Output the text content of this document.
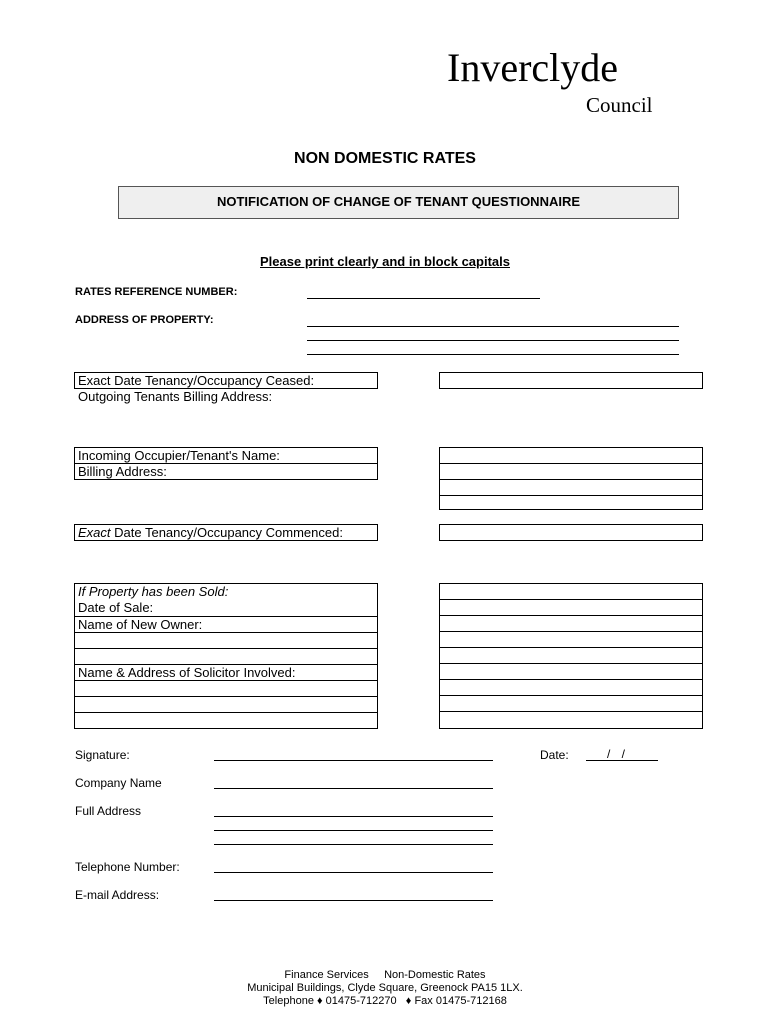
Inverclyde
Council
NON DOMESTIC RATES
NOTIFICATION OF CHANGE OF TENANT QUESTIONNAIRE
Please print clearly and in block capitals
RATES REFERENCE NUMBER:
ADDRESS OF PROPERTY:
Exact Date Tenancy/Occupancy Ceased:
Outgoing Tenants Billing Address:
Incoming Occupier/Tenant's Name:
Billing Address:
Exact Date Tenancy/Occupancy Commenced:
If Property has been Sold:
Date of Sale:
Name of New Owner:
Name & Address of Solicitor Involved:
Signature:	Date:	/ /
Company Name
Full Address
Telephone Number:
E-mail Address:
Finance Services     Non-Domestic Rates
Municipal Buildings, Clyde Square, Greenock PA15 1LX.
Telephone ♦ 01475-712270   ♦ Fax 01475-712168
